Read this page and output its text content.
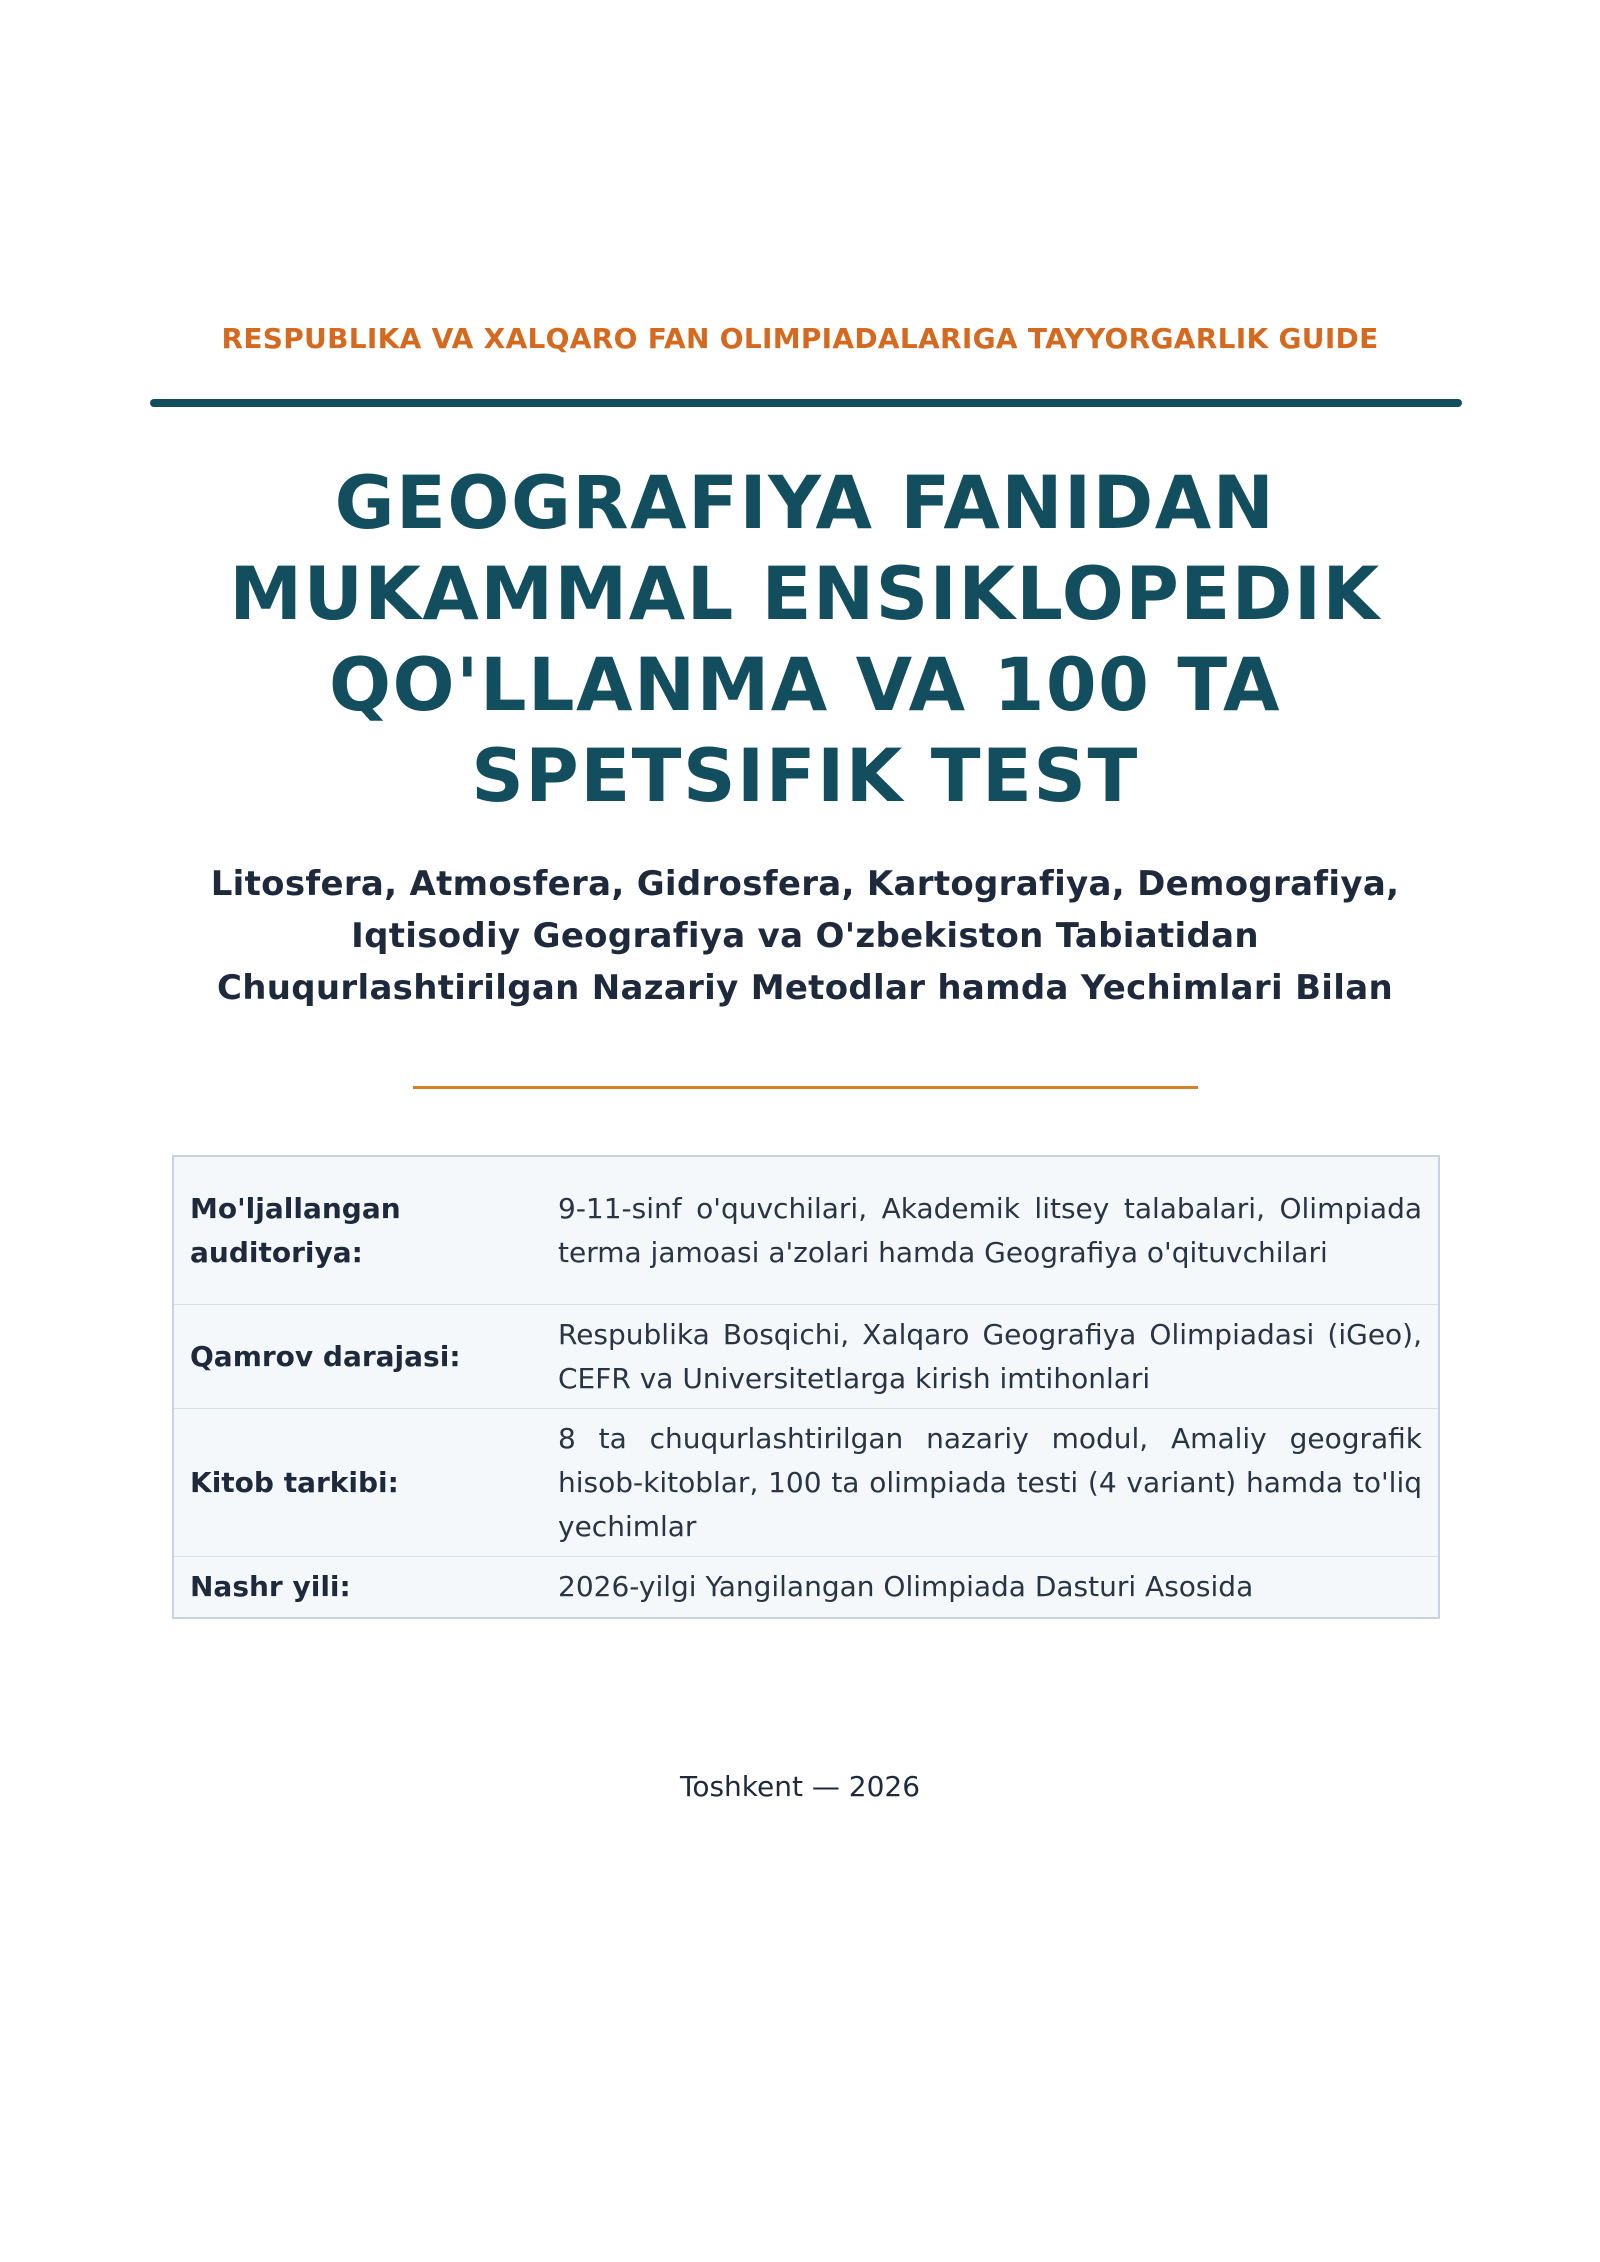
RESPUBLIKA VA XALQARO FAN OLIMPIADALARIGA TAYYORGARLIK GUIDE
GEOGRAFIYA FANIDAN
MUKAMMAL ENSIKLOPEDIK
QO'LLANMA VA 100 TA
SPETSIFIK TEST
Litosfera, Atmosfera, Gidrosfera, Kartografiya, Demografiya,
Iqtisodiy Geografiya va O'zbekiston Tabiatidan
Chuqurlashtirilgan Nazariy Metodlar hamda Yechimlari Bilan
Mo'ljallangan auditoriya:
9-11-sinf o'quvchilari, Akademik litsey talabalari, Olimpiada terma jamoasi a'zolari hamda Geografiya o'qituvchilari
Qamrov darajasi:
Respublika Bosqichi, Xalqaro Geografiya Olimpiadasi (iGeo), CEFR va Universitetlarga kirish imtihonlari
Kitob tarkibi:
8 ta chuqurlashtirilgan nazariy modul, Amaliy geografik hisob-kitoblar, 100 ta olimpiada testi (4 variant) hamda to'liq yechimlar
Nashr yili:	2026-yilgi Yangilangan Olimpiada Dasturi Asosida
Toshkent — 2026
